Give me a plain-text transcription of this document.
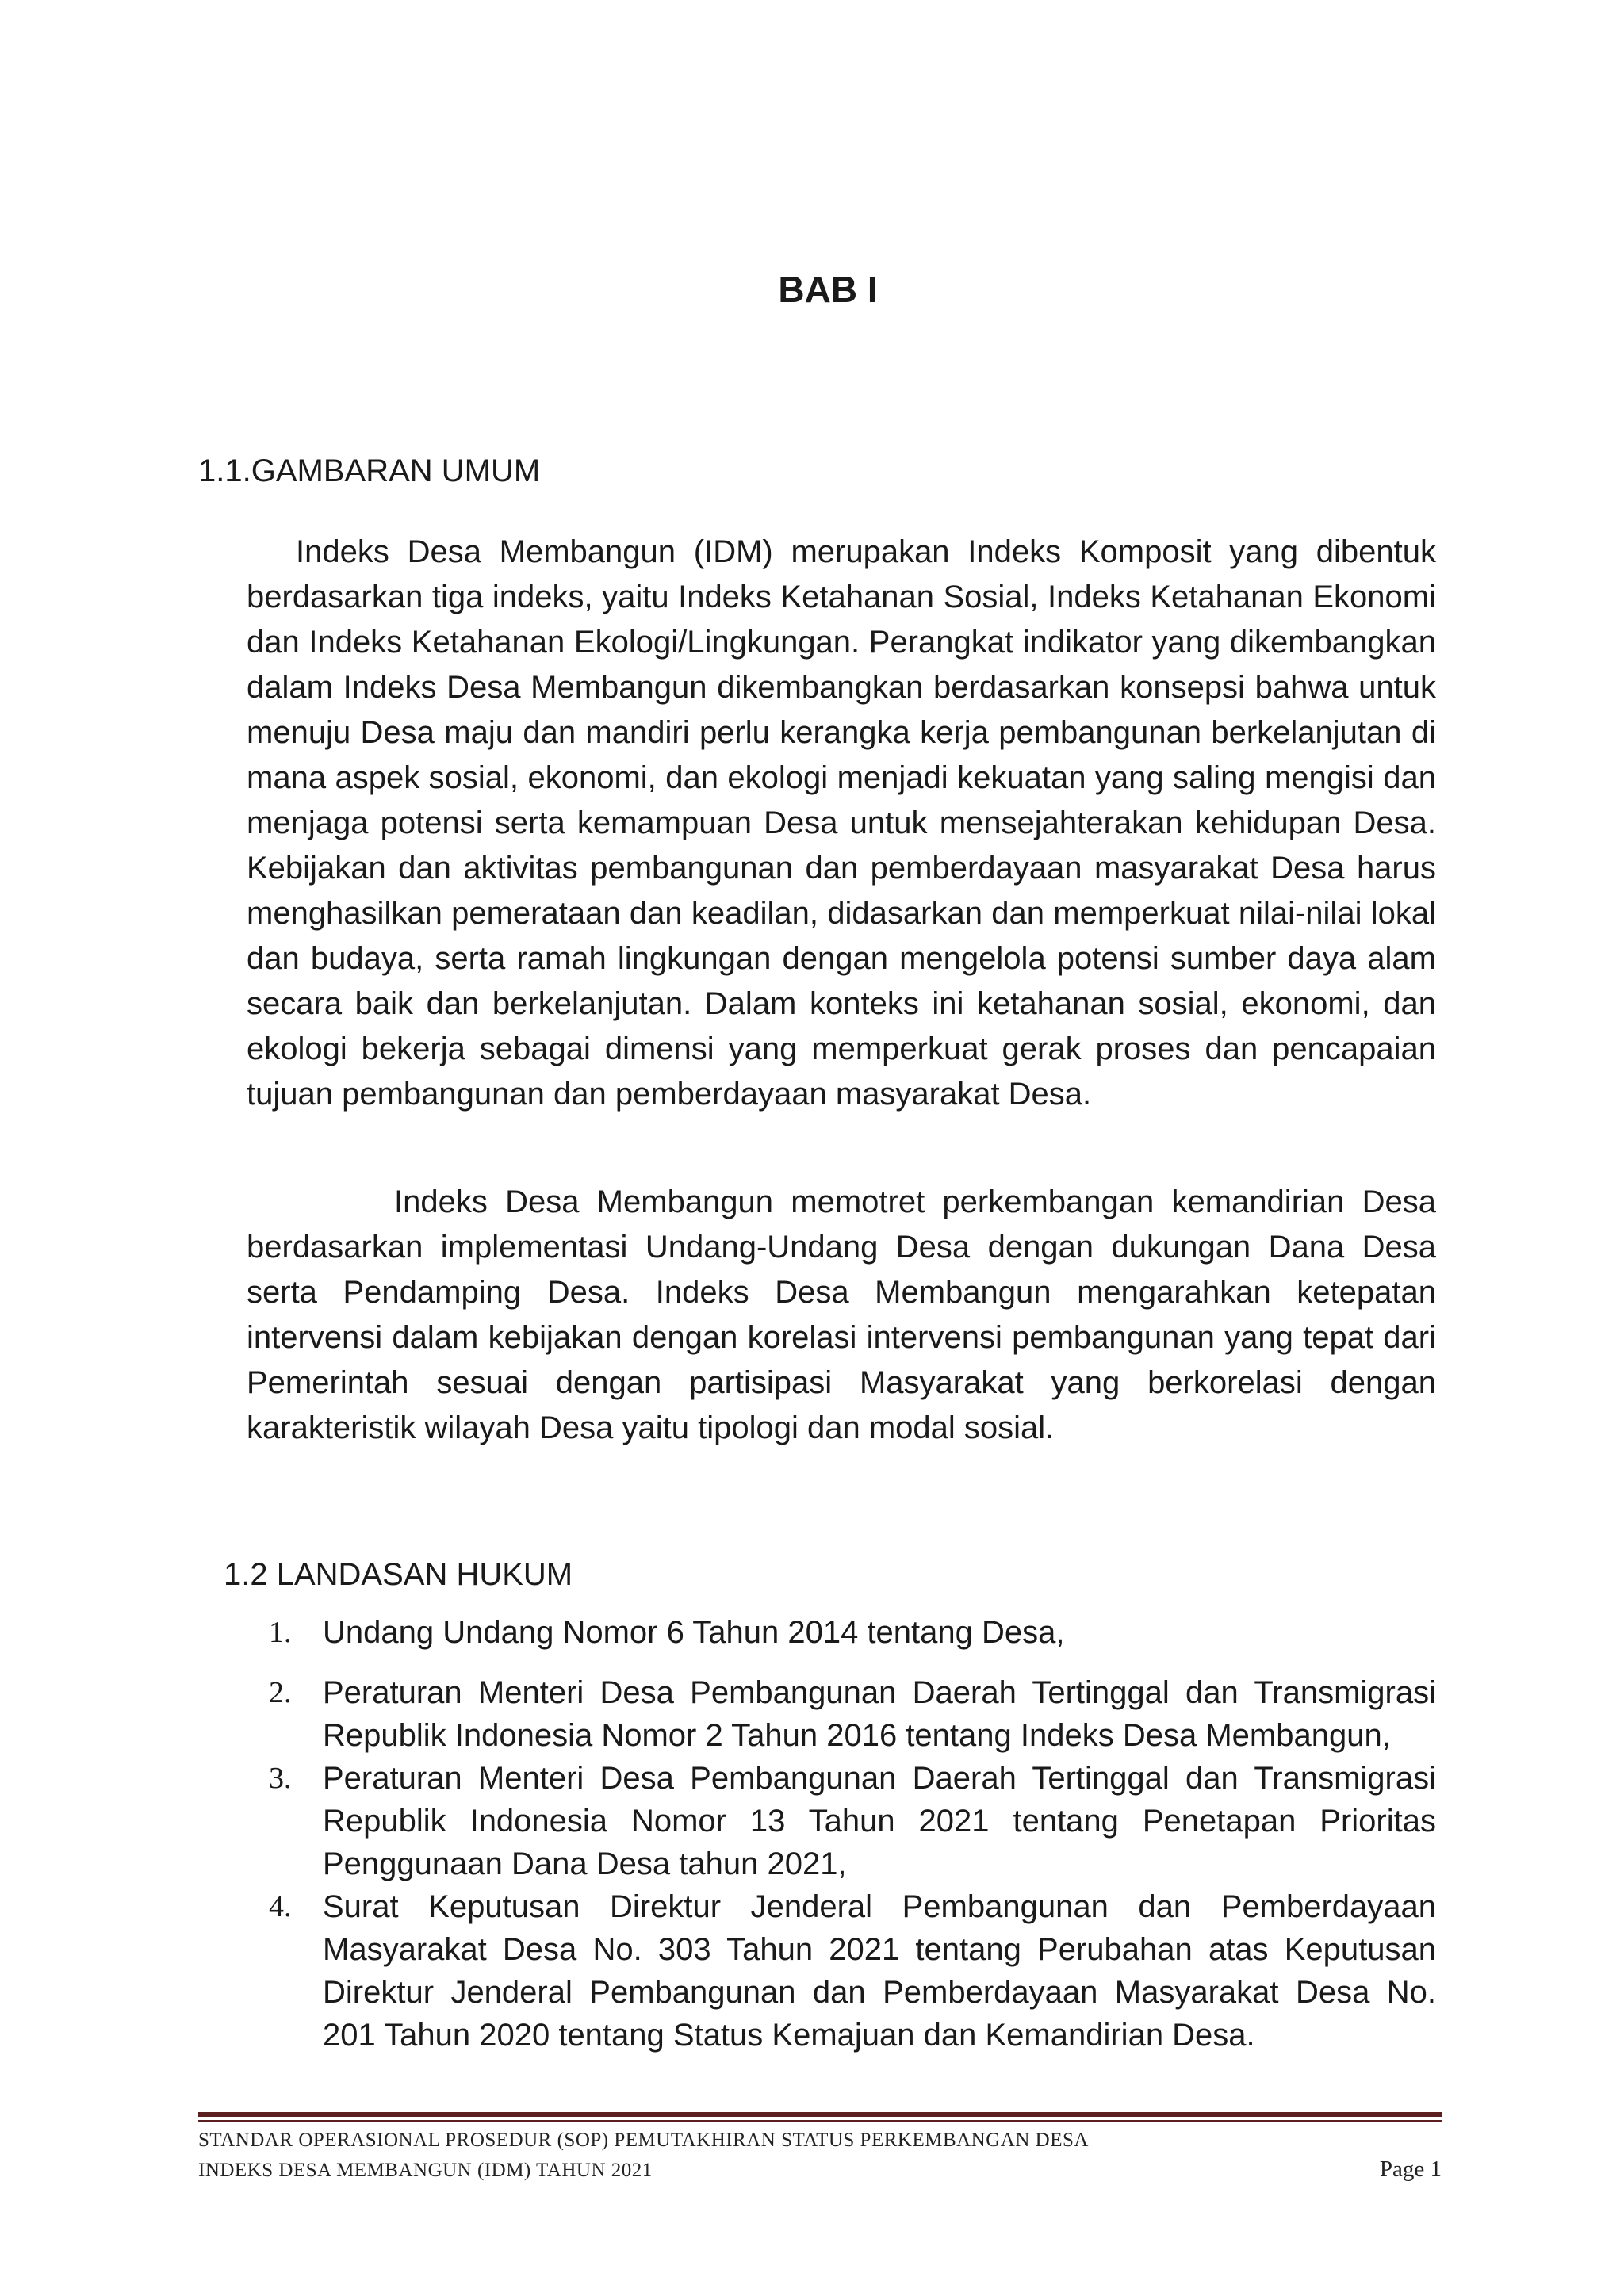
BAB I
1.1.GAMBARAN UMUM

Indeks Desa Membangun (IDM) merupakan Indeks Komposit yang dibentuk berdasarkan tiga indeks, yaitu Indeks Ketahanan Sosial, Indeks Ketahanan Ekonomi dan Indeks Ketahanan Ekologi/Lingkungan. Perangkat indikator yang dikembangkan dalam Indeks Desa Membangun dikembangkan berdasarkan konsepsi bahwa untuk menuju Desa maju dan mandiri perlu kerangka kerja pembangunan berkelanjutan di mana aspek sosial, ekonomi, dan ekologi menjadi kekuatan yang saling mengisi dan menjaga potensi serta kemampuan Desa untuk mensejahterakan kehidupan Desa. Kebijakan dan aktivitas pembangunan dan pemberdayaan masyarakat Desa harus menghasilkan pemerataan dan keadilan, didasarkan dan memperkuat nilai-nilai lokal dan budaya, serta ramah lingkungan dengan mengelola potensi sumber daya alam secara baik dan berkelanjutan. Dalam konteks ini ketahanan sosial, ekonomi, dan ekologi bekerja sebagai dimensi yang memperkuat gerak proses dan pencapaian tujuan pembangunan dan pemberdayaan masyarakat Desa.

Indeks Desa Membangun memotret perkembangan kemandirian Desa berdasarkan implementasi Undang-Undang Desa dengan dukungan Dana Desa serta Pendamping Desa. Indeks Desa Membangun mengarahkan ketepatan intervensi dalam kebijakan dengan korelasi intervensi pembangunan yang tepat dari Pemerintah sesuai dengan partisipasi Masyarakat yang berkorelasi dengan karakteristik wilayah Desa yaitu tipologi dan modal sosial.

1.2 LANDASAN HUKUM
1. Undang Undang Nomor 6 Tahun 2014 tentang Desa,
2. Peraturan Menteri Desa Pembangunan Daerah Tertinggal dan Transmigrasi Republik Indonesia Nomor 2 Tahun 2016 tentang Indeks Desa Membangun,
3. Peraturan Menteri Desa Pembangunan Daerah Tertinggal dan Transmigrasi Republik Indonesia Nomor 13 Tahun 2021 tentang Penetapan Prioritas Penggunaan Dana Desa tahun 2021,
4. Surat Keputusan Direktur Jenderal Pembangunan dan Pemberdayaan Masyarakat Desa No. 303 Tahun 2021 tentang Perubahan atas Keputusan Direktur Jenderal Pembangunan dan Pemberdayaan Masyarakat Desa No. 201 Tahun 2020 tentang Status Kemajuan dan Kemandirian Desa.

STANDAR OPERASIONAL PROSEDUR (SOP) PEMUTAKHIRAN STATUS PERKEMBANGAN DESA

INDEKS DESA MEMBANGUN (IDM) TAHUN 2021	Page 1
